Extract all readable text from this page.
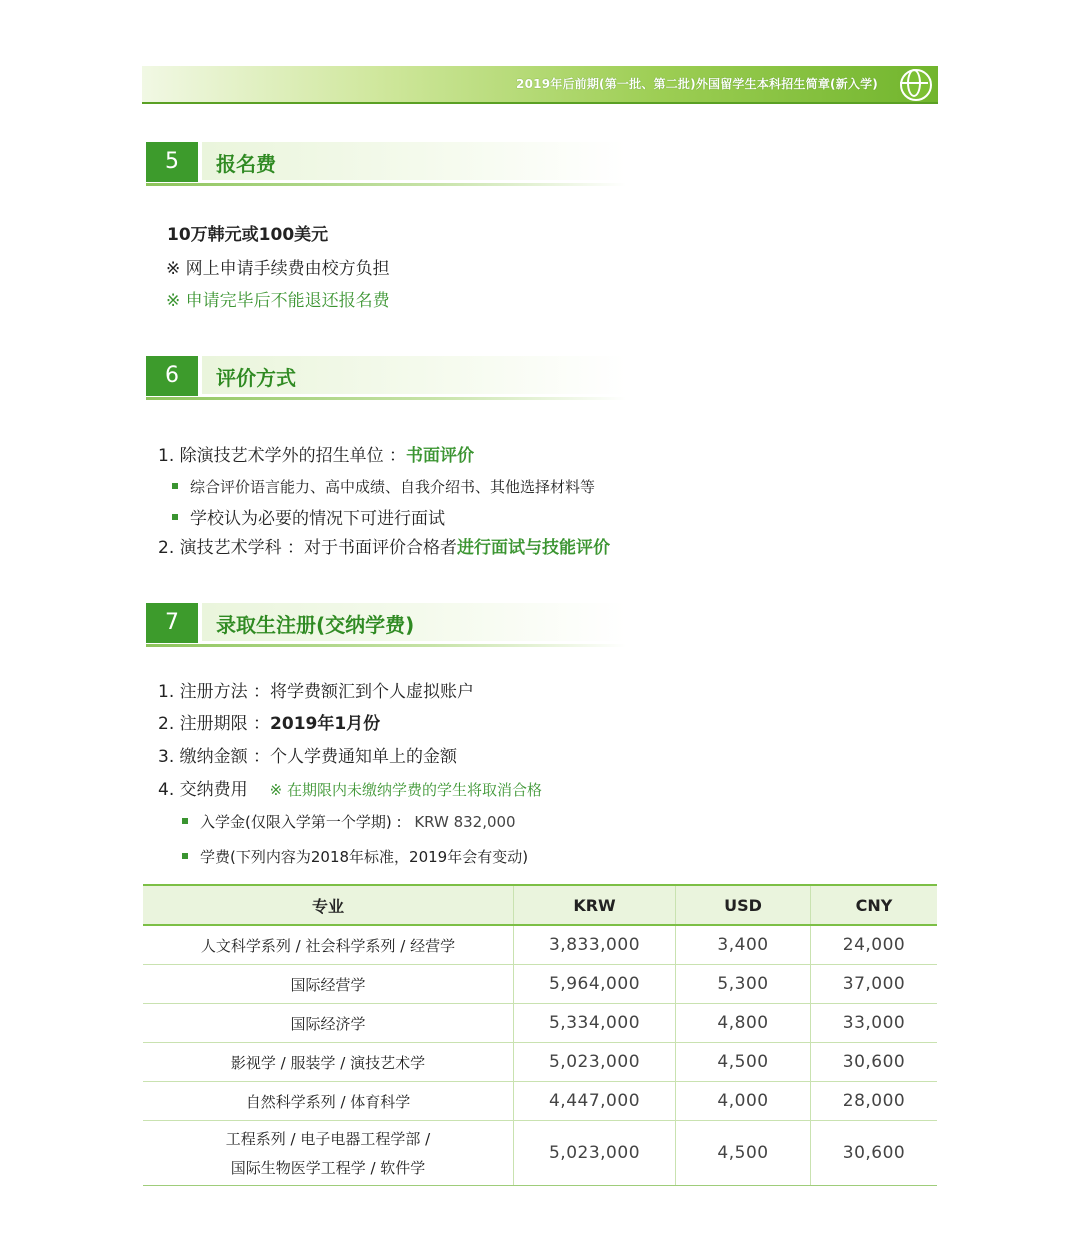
2019年后前期(第一批、第二批)外国留学生本科招生简章(新入学)
5	报名费
10万韩元或100美元
※ 网上申请手续费由校方负担
※ 申请完毕后不能退还报名费
6	评价方式
1. 除演技艺术学外的招生单位 ：书面评价
综合评价语言能力、高中成绩、自我介绍书、其他选择材料等
学校认为必要的情况下可进行面试
2. 演技艺术学科 ：对于书面评价合格者进行面试与技能评价
7	录取生注册(交纳学费)
1. 注册方法 ：将学费额汇到个人虚拟账户
2. 注册期限 ：2019年1月份
3. 缴纳金额 ：个人学费通知单上的金额
4. 交纳费用 ※ 在期限内未缴纳学费的学生将取消合格
入学金(仅限入学第一个学期) : KRW 832,000
学费(下列内容为2018年标准，2019年会有变动)
专业	KRW	USD	CNY
人文科学系列 / 社会科学系列 / 经营学	3,833,000	3,400	24,000
国际经营学	5,964,000	5,300	37,000
国际经济学	5,334,000	4,800	33,000
影视学 / 服装学 / 演技艺术学	5,023,000	4,500	30,600
自然科学系列 / 体育科学	4,447,000	4,000	28,000

工程系列 / 电子电器工程学部 /
国际生物医学工程学 / 软件学	5,023,000	4,500	30,600
